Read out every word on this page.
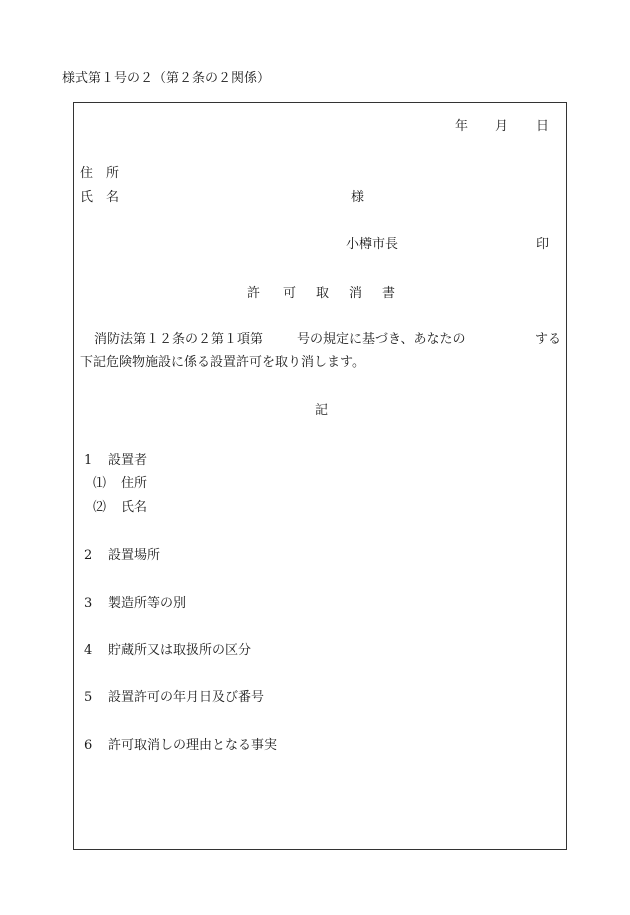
様式第１号の２（第２条の２関係）
年 月 日
住　所
氏　名	様
小樽市長	印
許 可 取 消 書
消防法第１２条の２第１項第	号の規定に基づき、あなたの	する
下記危険物施設に係る設置許可を取り消します。
記
1 設置者
⑴ 住所
⑵ 氏名
2 設置場所
3 製造所等の別
4 貯蔵所又は取扱所の区分
5 設置許可の年月日及び番号
6 許可取消しの理由となる事実
